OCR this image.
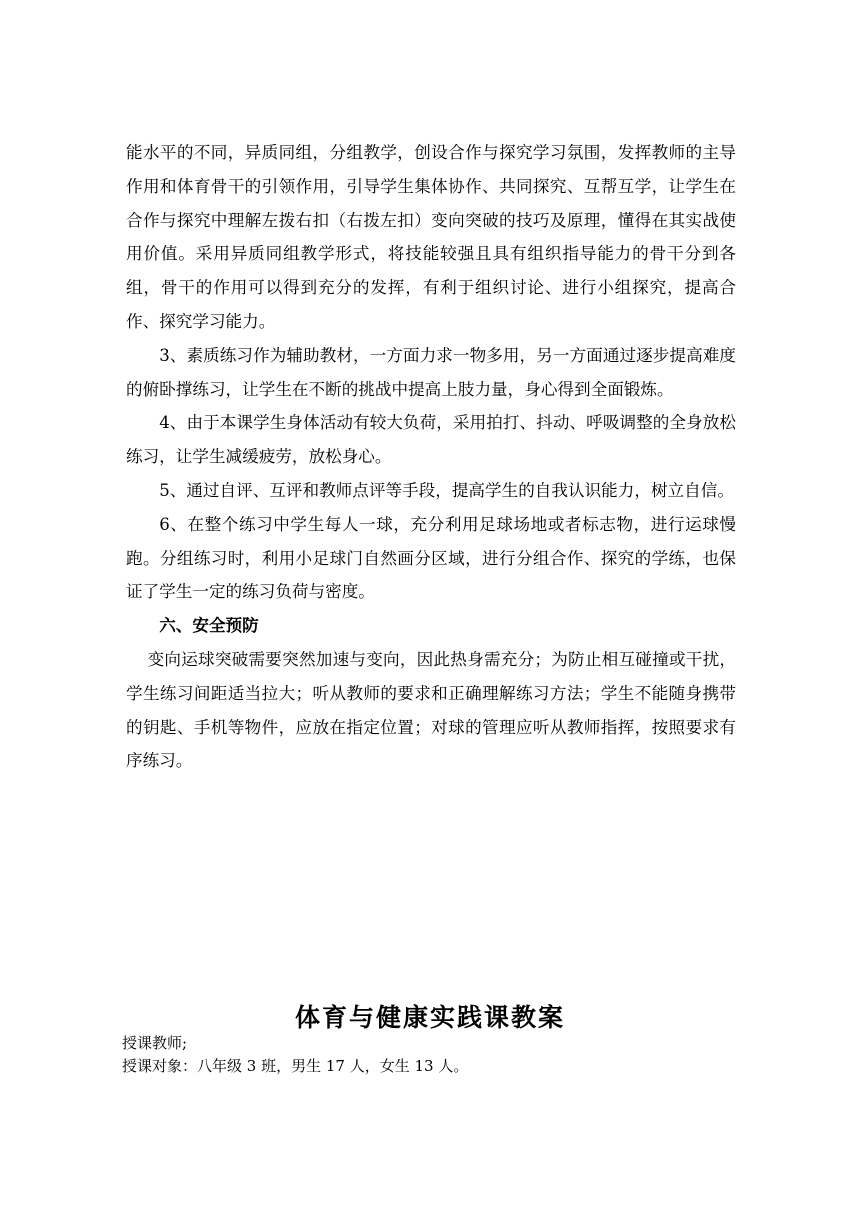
能水平的不同，异质同组，分组教学，创设合作与探究学习氛围，发挥教师的主导作用和体育骨干的引领作用，引导学生集体协作、共同探究、互帮互学，让学生在合作与探究中理解左拨右扣（右拨左扣）变向突破的技巧及原理，懂得在其实战使用价值。采用异质同组教学形式，将技能较强且具有组织指导能力的骨干分到各组，骨干的作用可以得到充分的发挥，有利于组织讨论、进行小组探究，提高合作、探究学习能力。

3、素质练习作为辅助教材，一方面力求一物多用，另一方面通过逐步提高难度的俯卧撑练习，让学生在不断的挑战中提高上肢力量，身心得到全面锻炼。

4、由于本课学生身体活动有较大负荷，采用拍打、抖动、呼吸调整的全身放松练习，让学生减缓疲劳，放松身心。

5、通过自评、互评和教师点评等手段，提高学生的自我认识能力，树立自信。

6、在整个练习中学生每人一球，充分利用足球场地或者标志物，进行运球慢跑。分组练习时，利用小足球门自然画分区域，进行分组合作、探究的学练，也保证了学生一定的练习负荷与密度。

六、安全预防

变向运球突破需要突然加速与变向，因此热身需充分；为防止相互碰撞或干扰，学生练习间距适当拉大；听从教师的要求和正确理解练习方法；学生不能随身携带的钥匙、手机等物件，应放在指定位置；对球的管理应听从教师指挥，按照要求有序练习。

体育与健康实践课教案
授课教师;
授课对象：八年级 3 班，男生 17 人，女生 13 人。
